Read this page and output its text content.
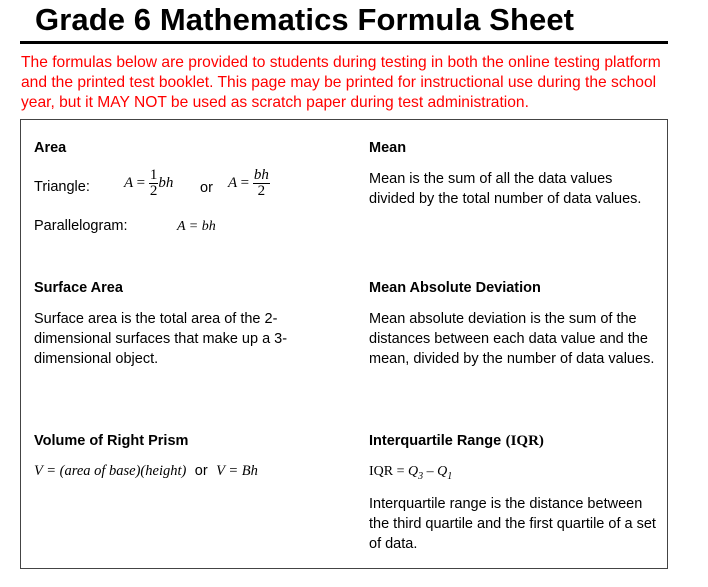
Grade 6 Mathematics Formula Sheet
The formulas below are provided to students during testing in both the online testing platform and the printed test booklet. This page may be printed for instructional use during the school year, but it MAY NOT be used as scratch paper during test administration.
Area
Triangle: $A = \frac{1}{2}$ bh or $A = \frac{bh}{2}$
Parallelogram:	A = bh
Mean
Mean is the sum of all the data values divided by the total number of data values.
Surface Area
Surface area is the total area of the 2-dimensional surfaces that make up a 3-dimensional object.
Mean Absolute Deviation
Mean absolute deviation is the sum of the distances between each data value and the mean, divided by the number of data values.
Volume of Right Prism
V = (area of base)(height) or V = Bh
Interquartile Range (IQR)
IQR = $Q_3 - Q_1$
Interquartile range is the distance between the third quartile and the first quartile of a set of data.
